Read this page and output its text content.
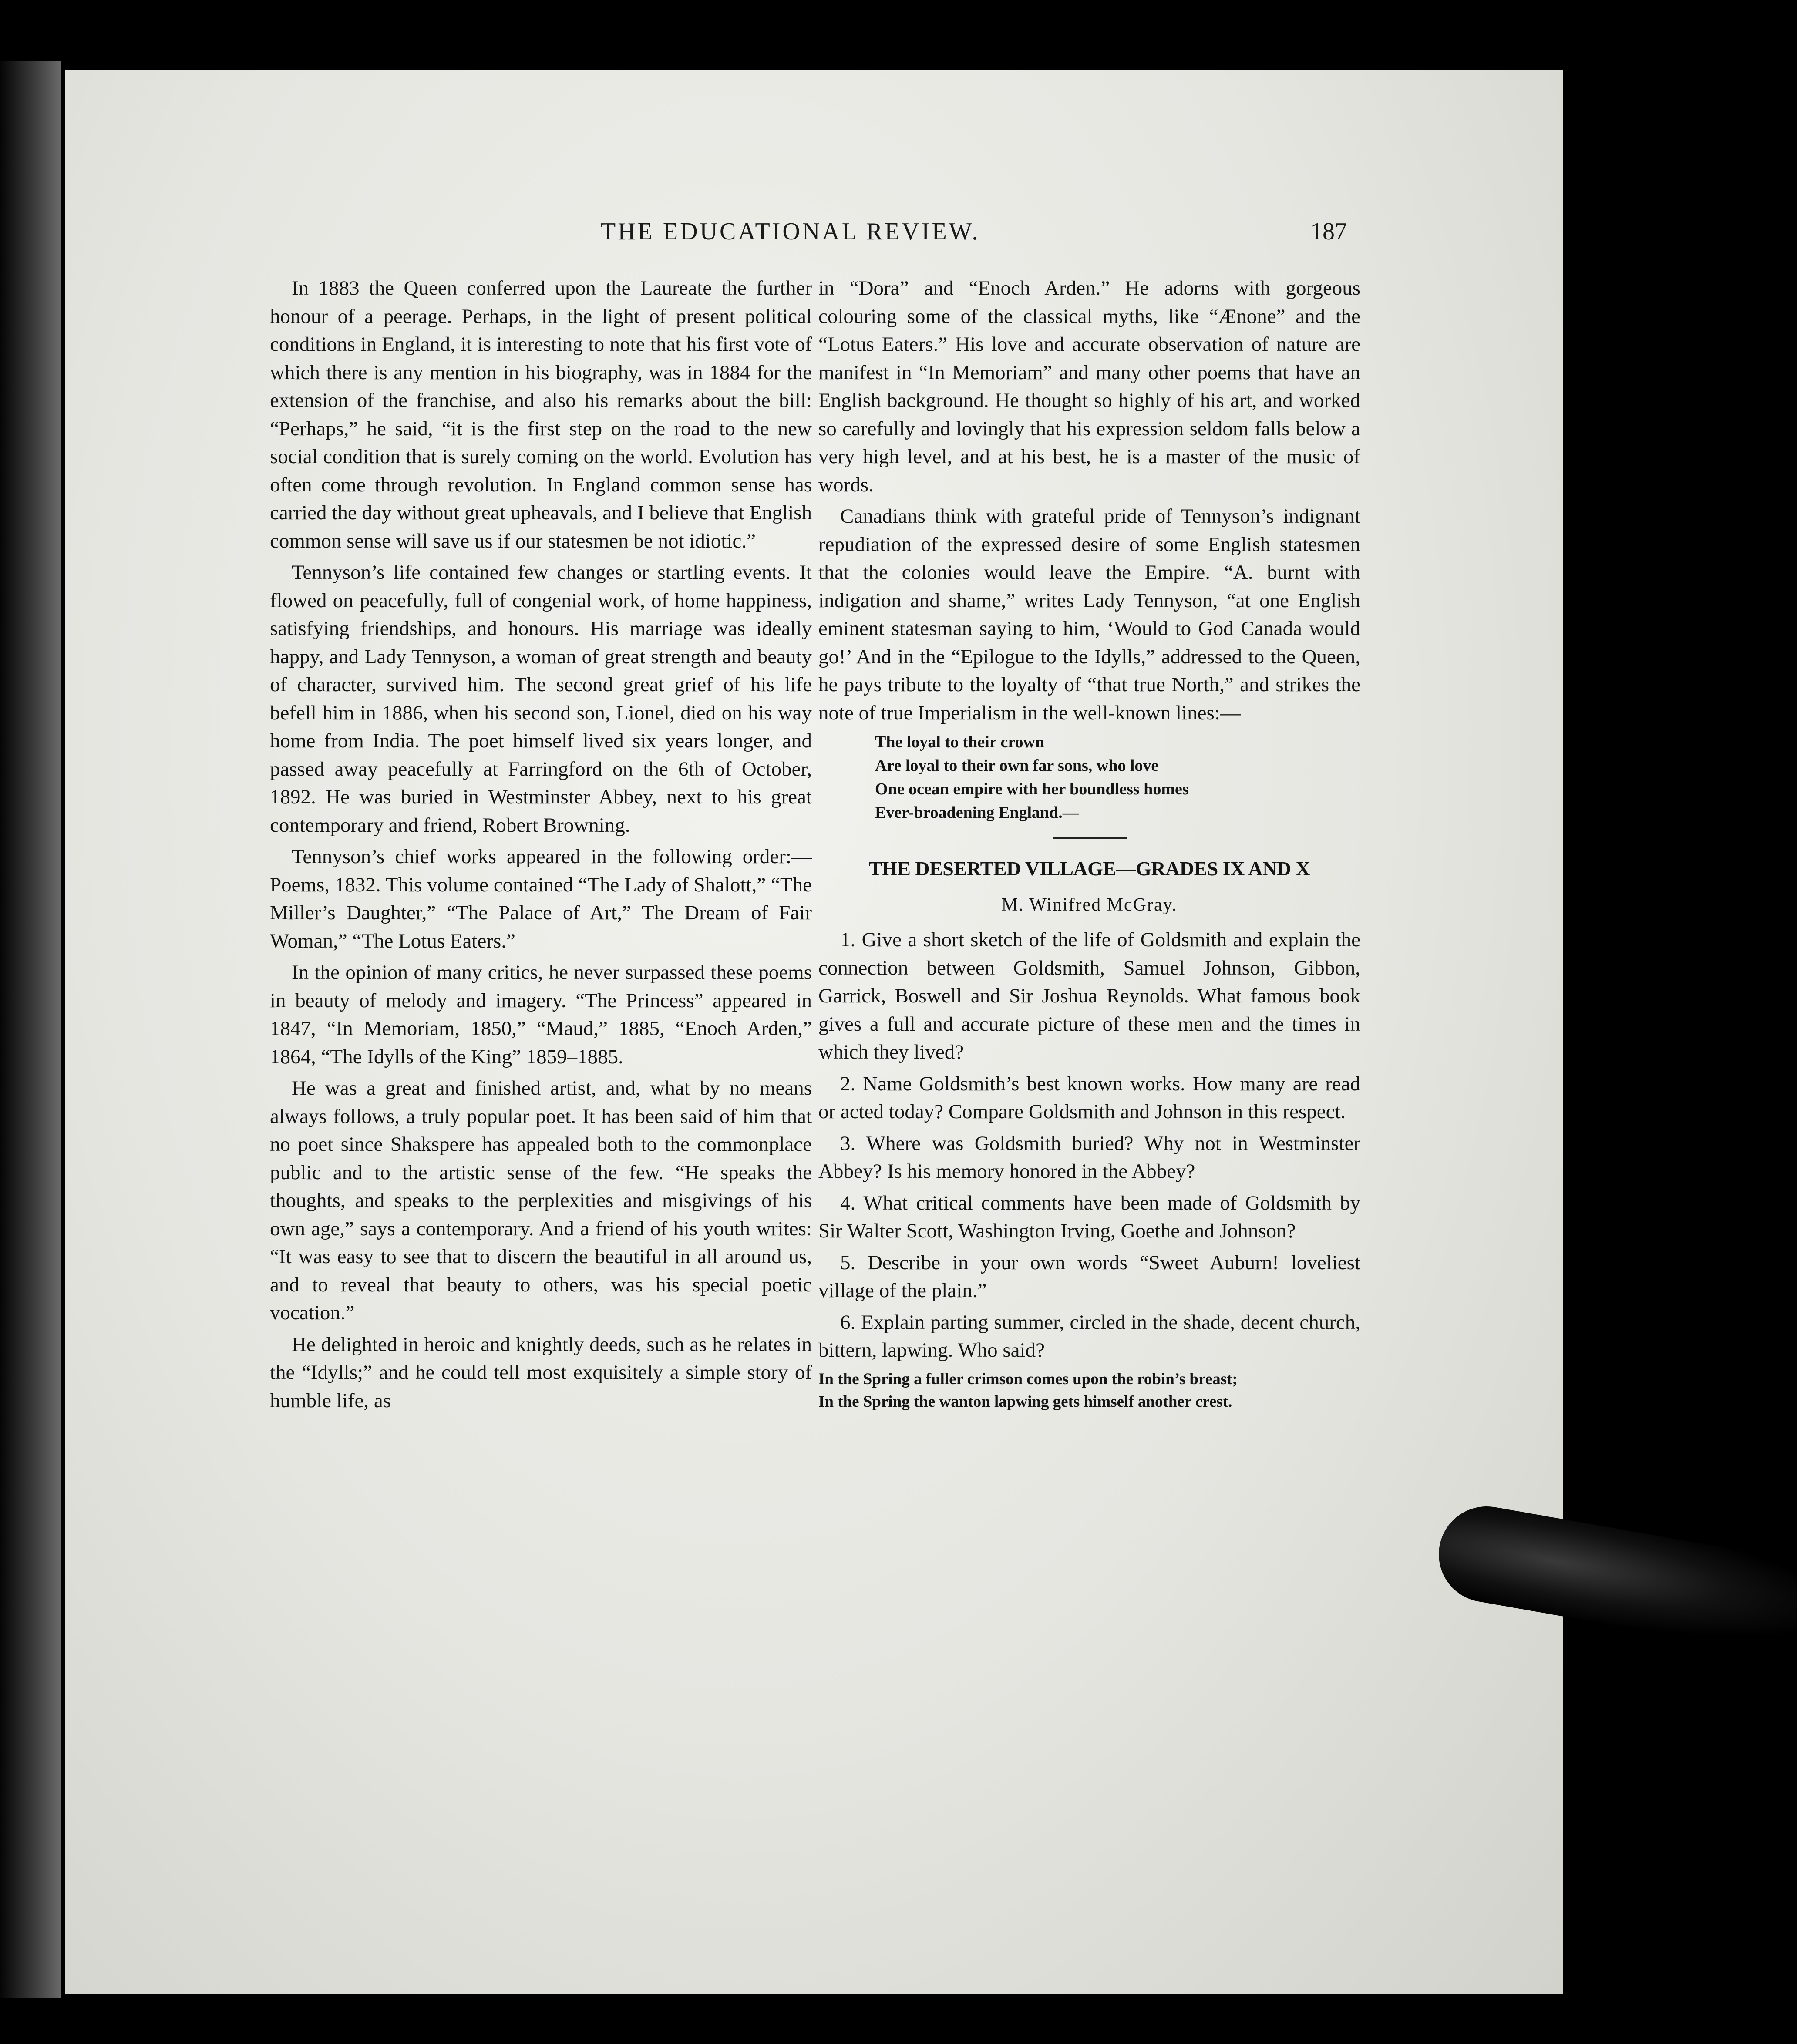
THE EDUCATIONAL REVIEW.	187

In 1883 the Queen conferred upon the Laureate the further honour of a peerage. Perhaps, in the light of present political conditions in England, it is interesting to note that his first vote of which there is any mention in his biography, was in 1884 for the extension of the franchise, and also his remarks about the bill: “Perhaps,” he said, “it is the first step on the road to the new social condition that is surely coming on the world. Evolution has often come through revolution. In England common sense has carried the day without great upheavals, and I believe that English common sense will save us if our statesmen be not idiotic.”

Tennyson’s life contained few changes or startling events. It flowed on peacefully, full of congenial work, of home happiness, satisfying friendships, and honours. His marriage was ideally happy, and Lady Tennyson, a woman of great strength and beauty of character, survived him. The second great grief of his life befell him in 1886, when his second son, Lionel, died on his way home from India. The poet himself lived six years longer, and passed away peacefully at Farringford on the 6th of October, 1892. He was buried in Westminster Abbey, next to his great contemporary and friend, Robert Browning.

Tennyson’s chief works appeared in the following order:— Poems, 1832. This volume contained “The Lady of Shalott,” “The Miller’s Daughter,” “The Palace of Art,” The Dream of Fair Woman,” “The Lotus Eaters.”

In the opinion of many critics, he never surpassed these poems in beauty of melody and imagery. “The Princess” appeared in 1847, “In Memoriam, 1850,” “Maud,” 1885, “Enoch Arden,” 1864, “The Idylls of the King” 1859–1885.

He was a great and finished artist, and, what by no means always follows, a truly popular poet. It has been said of him that no poet since Shakspere has appealed both to the commonplace public and to the artistic sense of the few. “He speaks the thoughts, and speaks to the perplexities and misgivings of his own age,” says a contemporary. And a friend of his youth writes: “It was easy to see that to discern the beautiful in all around us, and to reveal that beauty to others, was his special poetic vocation.”

He delighted in heroic and knightly deeds, such as he relates in the “Idylls;” and he could tell most exquisitely a simple story of humble life, as

in “Dora” and “Enoch Arden.” He adorns with gorgeous colouring some of the classical myths, like “Ænone” and the “Lotus Eaters.” His love and accurate observation of nature are manifest in “In Memoriam” and many other poems that have an English background. He thought so highly of his art, and worked so carefully and lovingly that his expression seldom falls below a very high level, and at his best, he is a master of the music of words.

Canadians think with grateful pride of Tennyson’s indignant repudiation of the expressed desire of some English statesmen that the colonies would leave the Empire. “A. burnt with indigation and shame,” writes Lady Tennyson, “at one English eminent statesman saying to him, ‘Would to God Canada would go!’ And in the “Epilogue to the Idylls,” addressed to the Queen, he pays tribute to the loyalty of “that true North,” and strikes the note of true Imperialism in the well-known lines:—

The loyal to their crown
Are loyal to their own far sons, who love
One ocean empire with her boundless homes
Ever-broadening England.—
THE DESERTED VILLAGE—GRADES IX AND X
M. Winifred McGray.

1. Give a short sketch of the life of Goldsmith and explain the connection between Goldsmith, Samuel Johnson, Gibbon, Garrick, Boswell and Sir Joshua Reynolds. What famous book gives a full and accurate picture of these men and the times in which they lived?

2. Name Goldsmith’s best known works. How many are read or acted today? Compare Goldsmith and Johnson in this respect.

3. Where was Goldsmith buried? Why not in Westminster Abbey? Is his memory honored in the Abbey?

4. What critical comments have been made of Goldsmith by Sir Walter Scott, Washington Irving, Goethe and Johnson?

5. Describe in your own words “Sweet Auburn! loveliest village of the plain.”

6. Explain parting summer, circled in the shade, decent church, bittern, lapwing. Who said?

In the Spring a fuller crimson comes upon the robin’s breast;
In the Spring the wanton lapwing gets himself another crest.
